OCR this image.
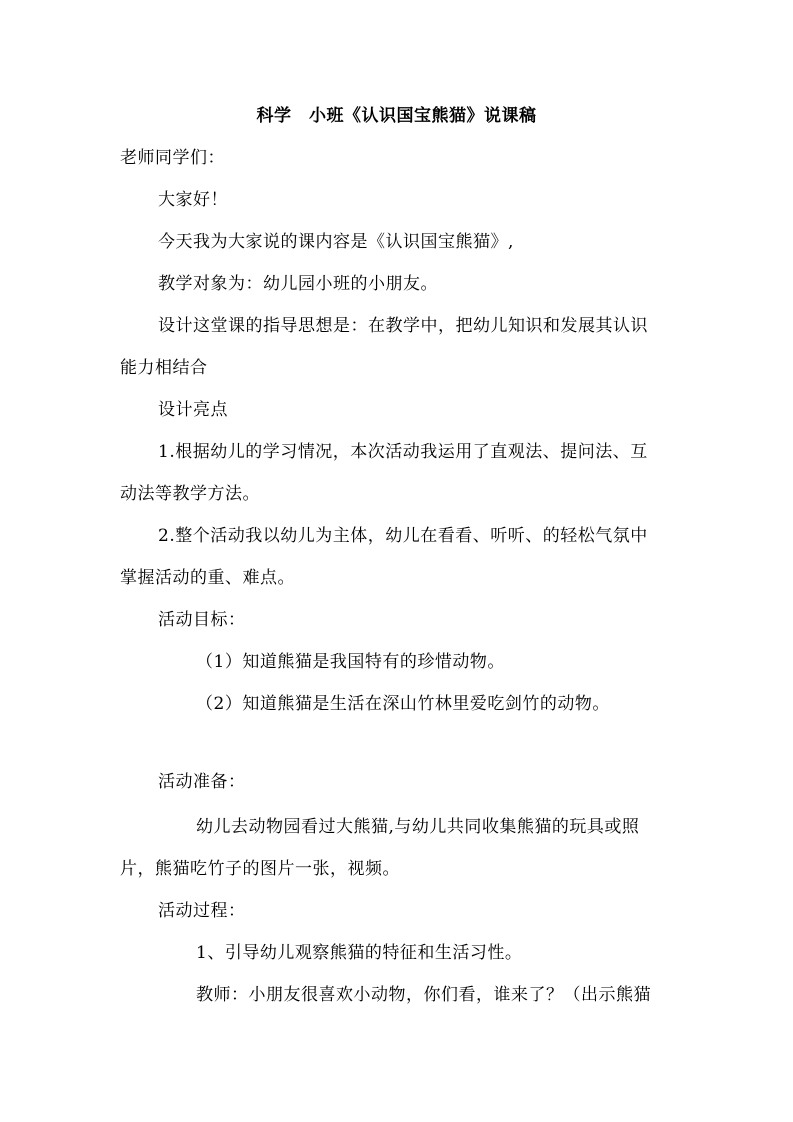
科学　小班《认识国宝熊猫》说课稿
老师同学们：
大家好！
今天我为大家说的课内容是《认识国宝熊猫》,
教学对象为：幼儿园小班的小朋友。
设计这堂课的指导思想是：在教学中，把幼儿知识和发展其认识
能力相结合
设计亮点
1.根据幼儿的学习情况，本次活动我运用了直观法、提问法、互
动法等教学方法。
2.整个活动我以幼儿为主体，幼儿在看看、听听、的轻松气氛中
掌握活动的重、难点。
活动目标：
（1）知道熊猫是我国特有的珍惜动物。
（2）知道熊猫是生活在深山竹林里爱吃剑竹的动物。
活动准备：
幼儿去动物园看过大熊猫,与幼儿共同收集熊猫的玩具或照
片，熊猫吃竹子的图片一张，视频。
活动过程：
1、引导幼儿观察熊猫的特征和生活习性。
教师：小朋友很喜欢小动物，你们看，谁来了？（出示熊猫
